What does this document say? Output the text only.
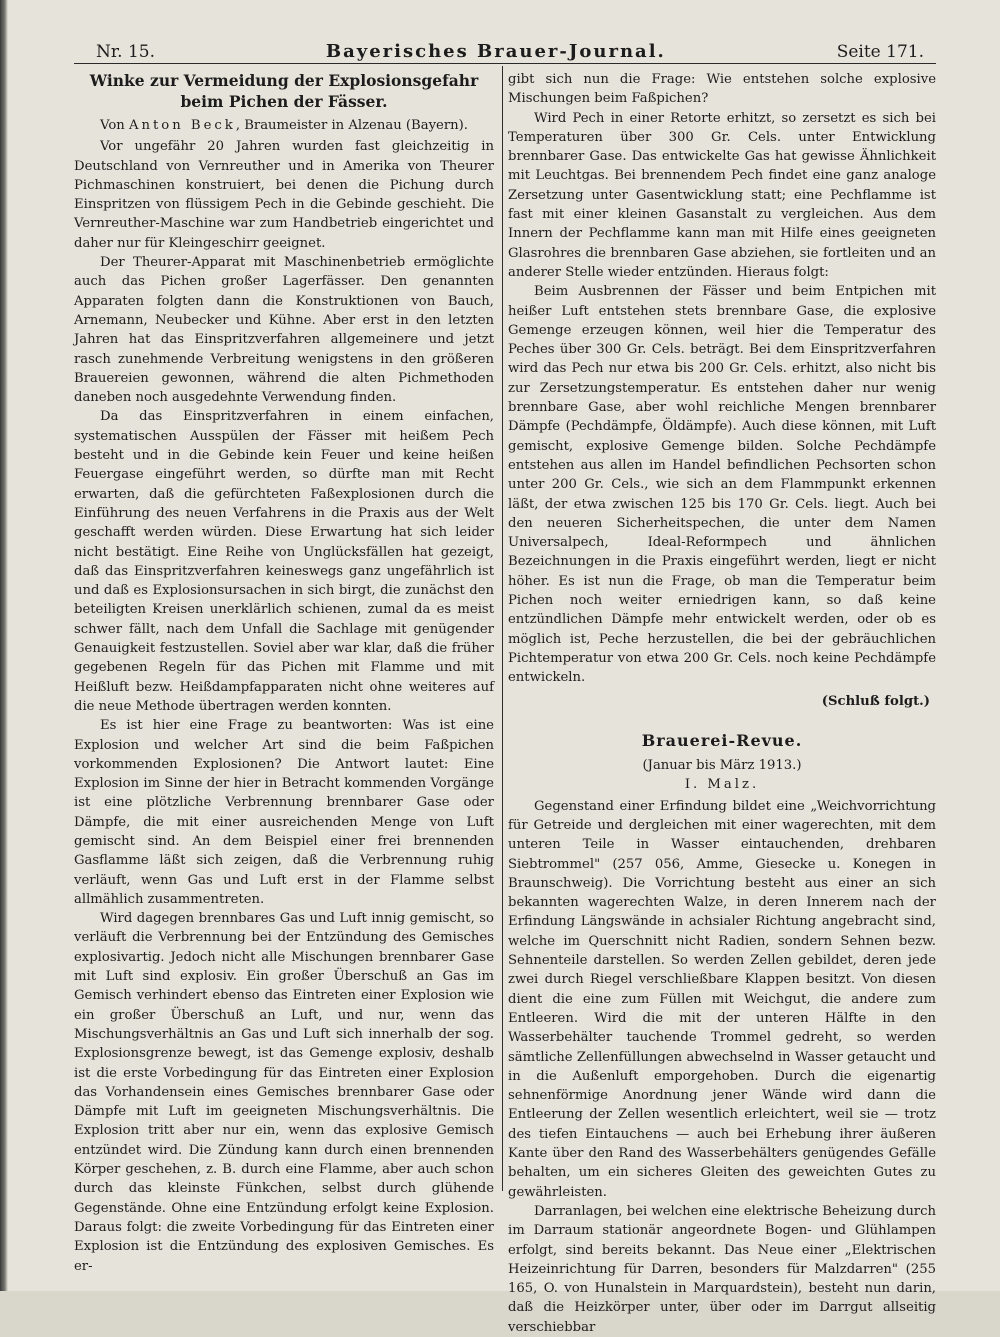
Nr. 15.	Bayerisches Brauer-Journal.	Seite 171.
Winke zur Vermeidung der Explosionsgefahr beim Pichen der Fässer.
Von Anton Beck, Braumeister in Alzenau (Bayern).

Vor ungefähr 20 Jahren wurden fast gleichzeitig in Deutschland von Vernreuther und in Amerika von Theurer Pichmaschinen konstruiert, bei denen die Pichung durch Einspritzen von flüssigem Pech in die Gebinde geschieht. Die Vernreuther-Maschine war zum Handbetrieb eingerichtet und daher nur für Kleingeschirr geeignet.

Der Theurer-Apparat mit Maschinenbetrieb ermöglichte auch das Pichen großer Lagerfässer. Den genannten Apparaten folgten dann die Konstruktionen von Bauch, Arnemann, Neubecker und Kühne. Aber erst in den letzten Jahren hat das Einspritzverfahren allgemeinere und jetzt rasch zunehmende Verbreitung wenigstens in den größeren Brauereien gewonnen, während die alten Pichmethoden daneben noch ausgedehnte Verwendung finden.

Da das Einspritzverfahren in einem einfachen, systematischen Ausspülen der Fässer mit heißem Pech besteht und in die Gebinde kein Feuer und keine heißen Feuergase eingeführt werden, so dürfte man mit Recht erwarten, daß die gefürchteten Faßexplosionen durch die Einführung des neuen Verfahrens in die Praxis aus der Welt geschafft werden würden. Diese Erwartung hat sich leider nicht bestätigt. Eine Reihe von Unglücksfällen hat gezeigt, daß das Einspritzverfahren keineswegs ganz ungefährlich ist und daß es Explosionsursachen in sich birgt, die zunächst den beteiligten Kreisen unerklärlich schienen, zumal da es meist schwer fällt, nach dem Unfall die Sachlage mit genügender Genauigkeit festzustellen. Soviel aber war klar, daß die früher gegebenen Regeln für das Pichen mit Flamme und mit Heißluft bezw. Heißdampfapparaten nicht ohne weiteres auf die neue Methode übertragen werden konnten.

Es ist hier eine Frage zu beantworten: Was ist eine Explosion und welcher Art sind die beim Faßpichen vorkommenden Explosionen? Die Antwort lautet: Eine Explosion im Sinne der hier in Betracht kommenden Vorgänge ist eine plötzliche Verbrennung brennbarer Gase oder Dämpfe, die mit einer ausreichenden Menge von Luft gemischt sind. An dem Beispiel einer frei brennenden Gasflamme läßt sich zeigen, daß die Verbrennung ruhig verläuft, wenn Gas und Luft erst in der Flamme selbst allmählich zusammentreten.

Wird dagegen brennbares Gas und Luft innig gemischt, so verläuft die Verbrennung bei der Entzündung des Gemisches explosivartig. Jedoch nicht alle Mischungen brennbarer Gase mit Luft sind explosiv. Ein großer Überschuß an Gas im Gemisch verhindert ebenso das Eintreten einer Explosion wie ein großer Überschuß an Luft, und nur, wenn das Mischungsverhältnis an Gas und Luft sich innerhalb der sog. Explosionsgrenze bewegt, ist das Gemenge explosiv, deshalb ist die erste Vorbedingung für das Eintreten einer Explosion das Vorhandensein eines Gemisches brennbarer Gase oder Dämpfe mit Luft im geeigneten Mischungsverhältnis. Die Explosion tritt aber nur ein, wenn das explosive Gemisch entzündet wird. Die Zündung kann durch einen brennenden Körper geschehen, z. B. durch eine Flamme, aber auch schon durch das kleinste Fünkchen, selbst durch glühende Gegenstände. Ohne eine Entzündung erfolgt keine Explosion. Daraus folgt: die zweite Vorbedingung für das Eintreten einer Explosion ist die Entzündung des explosiven Gemisches. Es er-

gibt sich nun die Frage: Wie entstehen solche explosive Mischungen beim Faßpichen?

Wird Pech in einer Retorte erhitzt, so zersetzt es sich bei Temperaturen über 300 Gr. Cels. unter Entwicklung brennbarer Gase. Das entwickelte Gas hat gewisse Ähnlichkeit mit Leuchtgas. Bei brennendem Pech findet eine ganz analoge Zersetzung unter Gasentwicklung statt; eine Pechflamme ist fast mit einer kleinen Gasanstalt zu vergleichen. Aus dem Innern der Pechflamme kann man mit Hilfe eines geeigneten Glasrohres die brennbaren Gase abziehen, sie fortleiten und an anderer Stelle wieder entzünden. Hieraus folgt:

Beim Ausbrennen der Fässer und beim Entpichen mit heißer Luft entstehen stets brennbare Gase, die explosive Gemenge erzeugen können, weil hier die Temperatur des Peches über 300 Gr. Cels. beträgt. Bei dem Einspritzverfahren wird das Pech nur etwa bis 200 Gr. Cels. erhitzt, also nicht bis zur Zersetzungstemperatur. Es entstehen daher nur wenig brennbare Gase, aber wohl reichliche Mengen brennbarer Dämpfe (Pechdämpfe, Öldämpfe). Auch diese können, mit Luft gemischt, explosive Gemenge bilden. Solche Pechdämpfe entstehen aus allen im Handel befindlichen Pechsorten schon unter 200 Gr. Cels., wie sich an dem Flammpunkt erkennen läßt, der etwa zwischen 125 bis 170 Gr. Cels. liegt. Auch bei den neueren Sicherheitspechen, die unter dem Namen Universalpech, Ideal-Reformpech und ähnlichen Bezeichnungen in die Praxis eingeführt werden, liegt er nicht höher. Es ist nun die Frage, ob man die Temperatur beim Pichen noch weiter erniedrigen kann, so daß keine entzündlichen Dämpfe mehr entwickelt werden, oder ob es möglich ist, Peche herzustellen, die bei der gebräuchlichen Pichtemperatur von etwa 200 Gr. Cels. noch keine Pechdämpfe entwickeln.

(Schluß folgt.)
Brauerei-Revue.
(Januar bis März 1913.)
I. Malz.

Gegenstand einer Erfindung bildet eine „Weichvorrichtung für Getreide und dergleichen mit einer wagerechten, mit dem unteren Teile in Wasser eintauchenden, drehbaren Siebtrommel" (257 056, Amme, Giesecke u. Konegen in Braunschweig). Die Vorrichtung besteht aus einer an sich bekannten wagerechten Walze, in deren Innerem nach der Erfindung Längswände in achsialer Richtung angebracht sind, welche im Querschnitt nicht Radien, sondern Sehnen bezw. Sehnenteile darstellen. So werden Zellen gebildet, deren jede zwei durch Riegel verschließbare Klappen besitzt. Von diesen dient die eine zum Füllen mit Weichgut, die andere zum Entleeren. Wird die mit der unteren Hälfte in den Wasserbehälter tauchende Trommel gedreht, so werden sämtliche Zellenfüllungen abwechselnd in Wasser getaucht und in die Außenluft emporgehoben. Durch die eigenartig sehnenförmige Anordnung jener Wände wird dann die Entleerung der Zellen wesentlich erleichtert, weil sie — trotz des tiefen Eintauchens — auch bei Erhebung ihrer äußeren Kante über den Rand des Wasserbehälters genügendes Gefälle behalten, um ein sicheres Gleiten des geweichten Gutes zu gewährleisten.

Darranlagen, bei welchen eine elektrische Beheizung durch im Darraum stationär angeordnete Bogen- und Glühlampen erfolgt, sind bereits bekannt. Das Neue einer „Elektrischen Heizeinrichtung für Darren, besonders für Malzdarren" (255 165, O. von Hunalstein in Marquardstein), besteht nun darin, daß die Heizkörper unter, über oder im Darrgut allseitig verschiebbar
